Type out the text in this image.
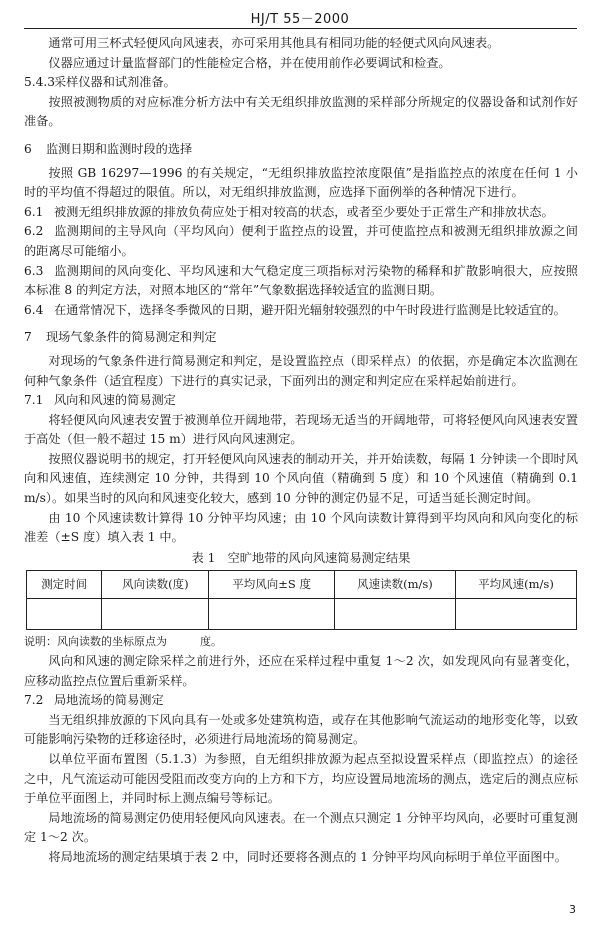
HJ/T 55－2000

通常可用三杯式轻便风向风速表，亦可采用其他具有相同功能的轻便式风向风速表。

仪器应通过计量监督部门的性能检定合格，并在使用前作必要调试和检查。

5.4.3采样仪器和试剂准备。

按照被测物质的对应标准分析方法中有关无组织排放监测的采样部分所规定的仪器设备和试剂作好准备。

6 监测日期和监测时段的选择

按照 GB 16297—1996 的有关规定，“无组织排放监控浓度限值”是指监控点的浓度在任何 1 小时的平均值不得超过的限值。所以，对无组织排放监测，应选择下面例举的各种情况下进行。

6.1 被测无组织排放源的排放负荷应处于相对较高的状态，或者至少要处于正常生产和排放状态。

6.2 监测期间的主导风向（平均风向）便利于监控点的设置，并可使监控点和被测无组织排放源之间的距离尽可能缩小。

6.3 监测期间的风向变化、平均风速和大气稳定度三项指标对污染物的稀释和扩散影响很大，应按照本标准 8 的判定方法，对照本地区的“常年”气象数据选择较适宜的监测日期。

6.4 在通常情况下，选择冬季微风的日期，避开阳光辐射较强烈的中午时段进行监测是比较适宜的。

7 现场气象条件的简易测定和判定

对现场的气象条件进行简易测定和判定，是设置监控点（即采样点）的依据，亦是确定本次监测在何种气象条件（适宜程度）下进行的真实记录，下面列出的测定和判定应在采样起始前进行。

7.1 风向和风速的简易测定

将轻便风向风速表安置于被测单位开阔地带，若现场无适当的开阔地带，可将轻便风向风速表安置于高处（但一般不超过 15 m）进行风向风速测定。

按照仪器说明书的规定，打开轻便风向风速表的制动开关，并开始读数，每隔 1 分钟读一个即时风向和风速值，连续测定 10 分钟，共得到 10 个风向值（精确到 5 度）和 10 个风速值（精确到 0.1 m/s）。如果当时的风向和风速变化较大，感到 10 分钟的测定仍显不足，可适当延长测定时间。

由 10 个风速读数计算得 10 分钟平均风速；由 10 个风向读数计算得到平均风向和风向变化的标准差（±S 度）填入表 1 中。

表 1　空旷地带的风向风速简易测定结果

测定时间	风向读数(度)	平均风向±S 度	风速读数(m/s)	平均风速(m/s)

说明：风向读数的坐标原点为　　　度。

风向和风速的测定除采样之前进行外，还应在采样过程中重复 1～2 次，如发现风向有显著变化，应移动监控点位置后重新采样。

7.2 局地流场的简易测定

当无组织排放源的下风向具有一处或多处建筑构造，或存在其他影响气流运动的地形变化等，以致可能影响污染物的迁移途径时，必须进行局地流场的简易测定。

以单位平面布置图（5.1.3）为参照，自无组织排放源为起点至拟设置采样点（即监控点）的途径之中，凡气流运动可能因受阻而改变方向的上方和下方，均应设置局地流场的测点，选定后的测点应标于单位平面图上，并同时标上测点编号等标记。

局地流场的简易测定仍使用轻便风向风速表。在一个测点只测定 1 分钟平均风向，必要时可重复测定 1～2 次。

将局地流场的测定结果填于表 2 中，同时还要将各测点的 1 分钟平均风向标明于单位平面图中。

3
